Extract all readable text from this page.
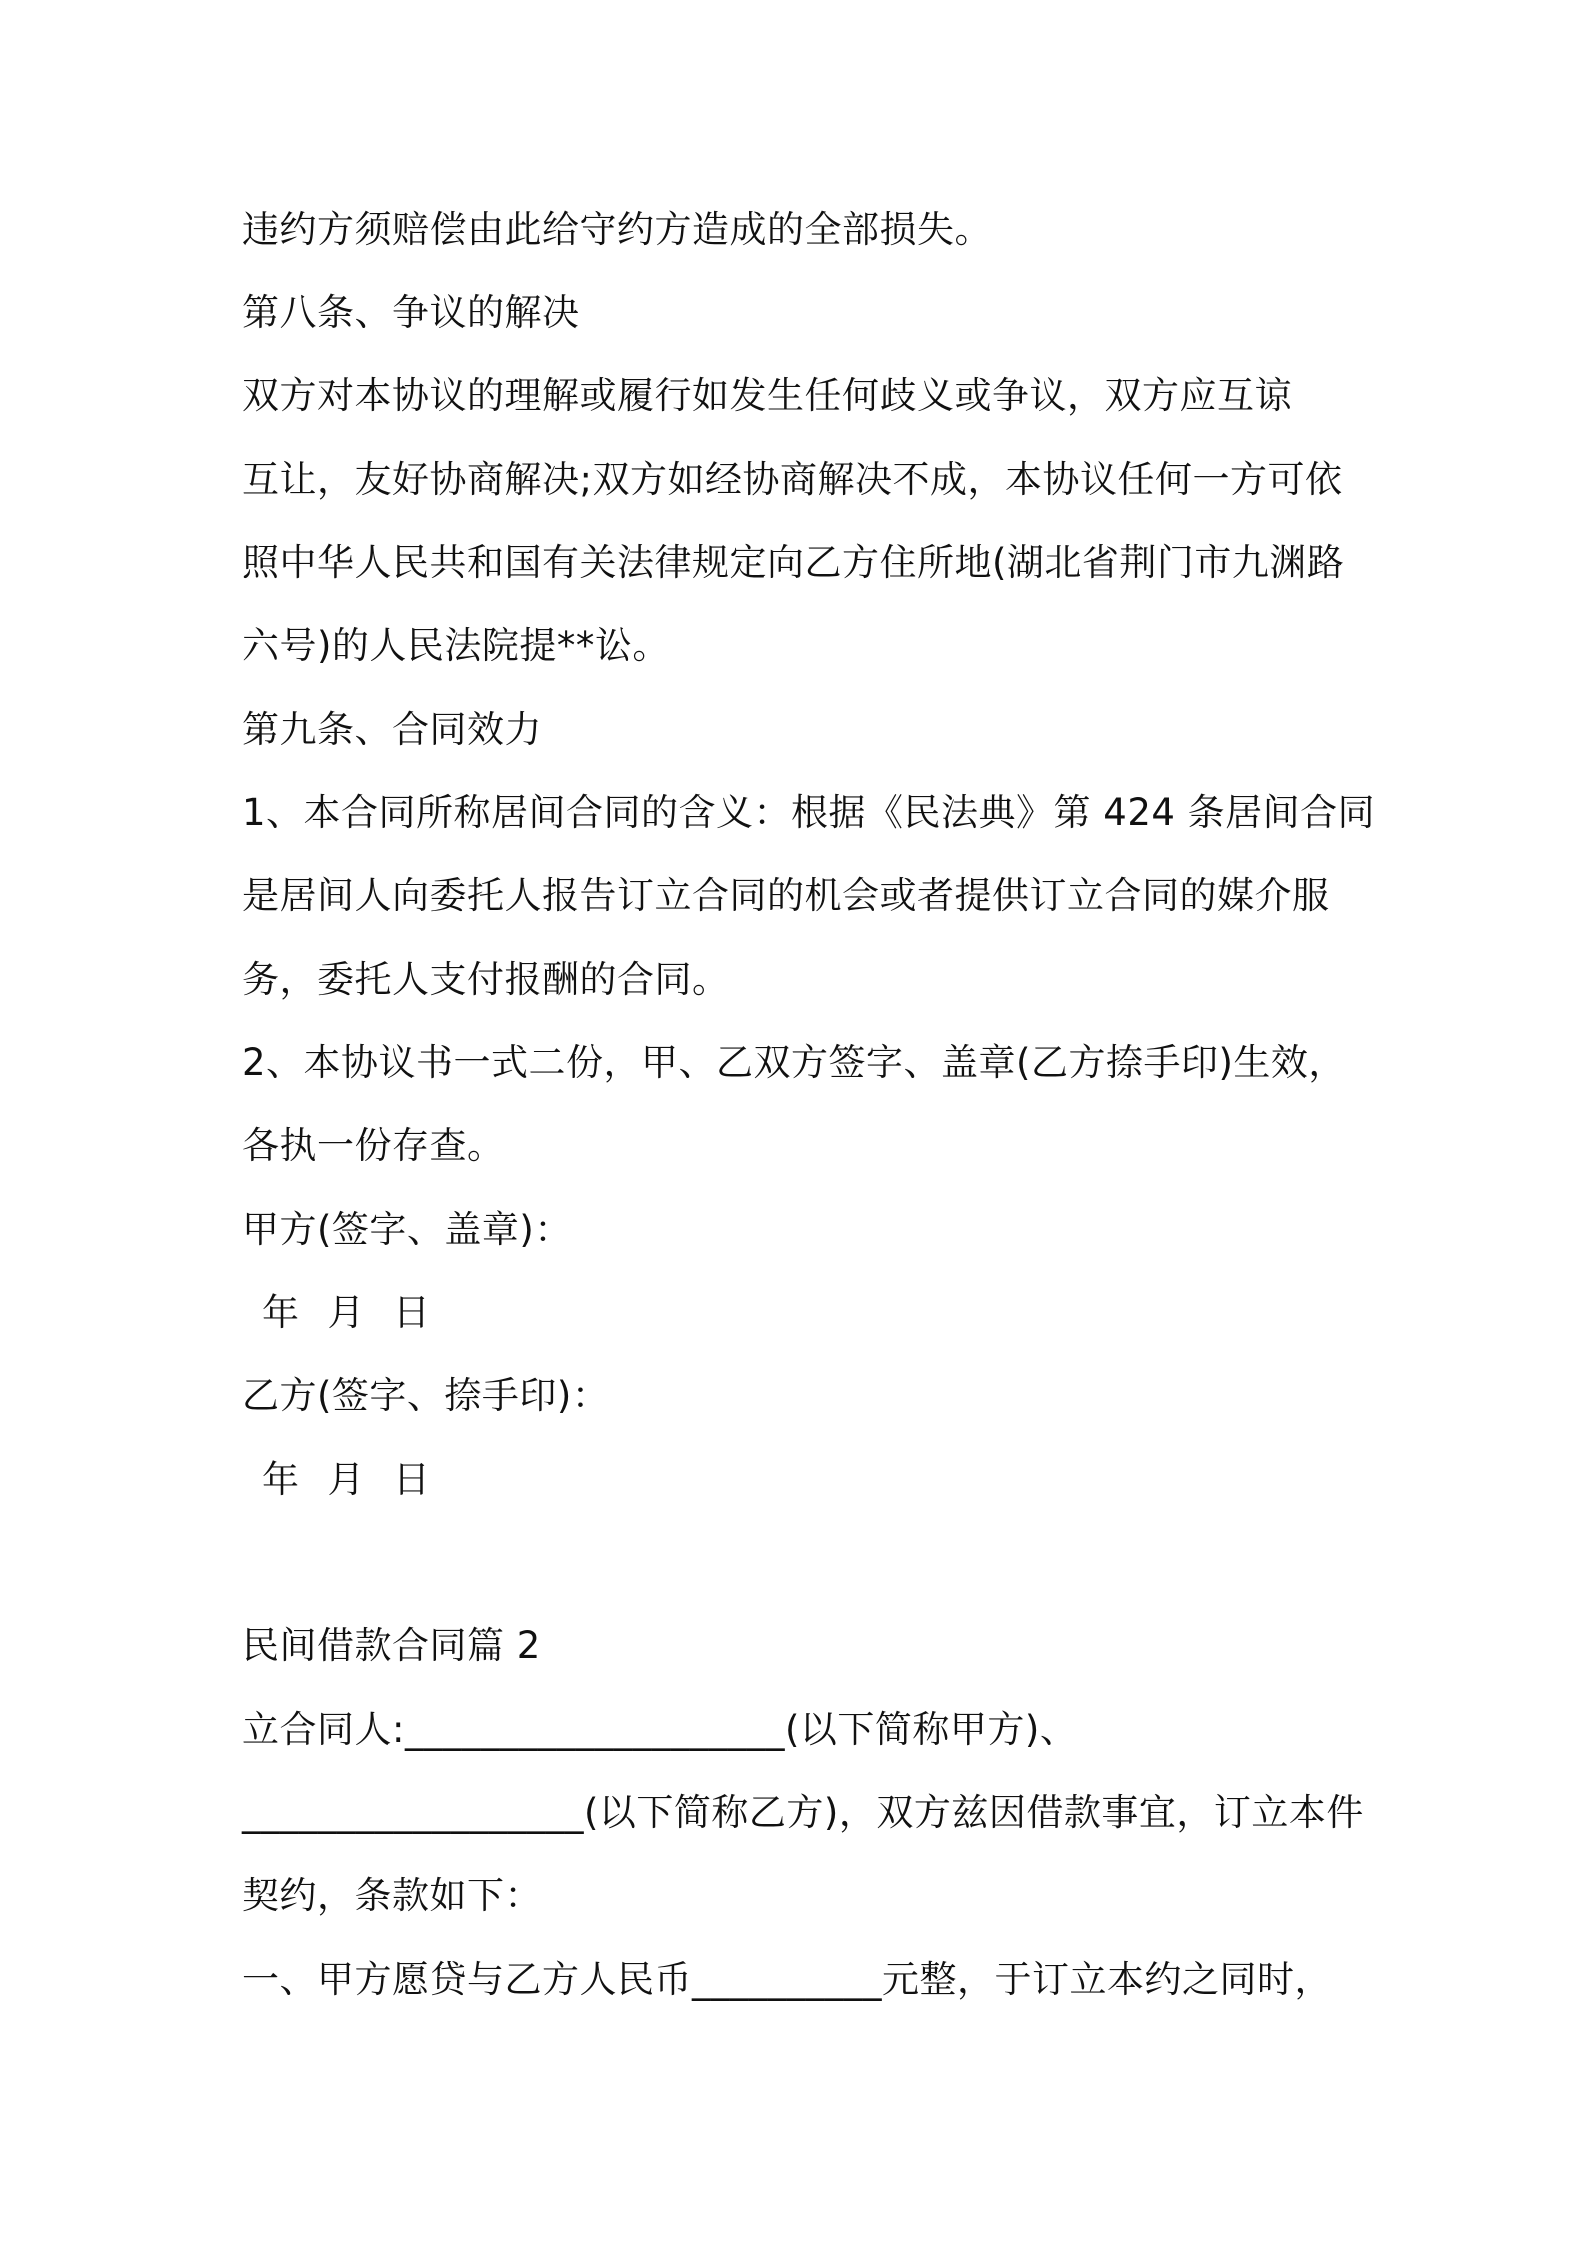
违约方须赔偿由此给守约方造成的全部损失。
第八条、争议的解决
双方对本协议的理解或履行如发生任何歧义或争议，双方应互谅
互让，友好协商解决;双方如经协商解决不成，本协议任何一方可依
照中华人民共和国有关法律规定向乙方住所地(湖北省荆门市九渊路
六号)的人民法院提**讼。
第九条、合同效力
1、本合同所称居间合同的含义：根据《民法典》第 424 条居间合同
是居间人向委托人报告订立合同的机会或者提供订立合同的媒介服
务，委托人支付报酬的合同。
2、本协议书一式二份，甲、乙双方签字、盖章(乙方捺手印)生效，
各执一份存查。
甲方(签字、盖章)：
年 月 日
乙方(签字、捺手印)：
年 月 日
民间借款合同篇 2
立合同人:____________________(以下简称甲方)、
__________________(以下简称乙方)，双方兹因借款事宜，订立本件
契约，条款如下：
一、甲方愿贷与乙方人民币__________元整，于订立本约之同时，
